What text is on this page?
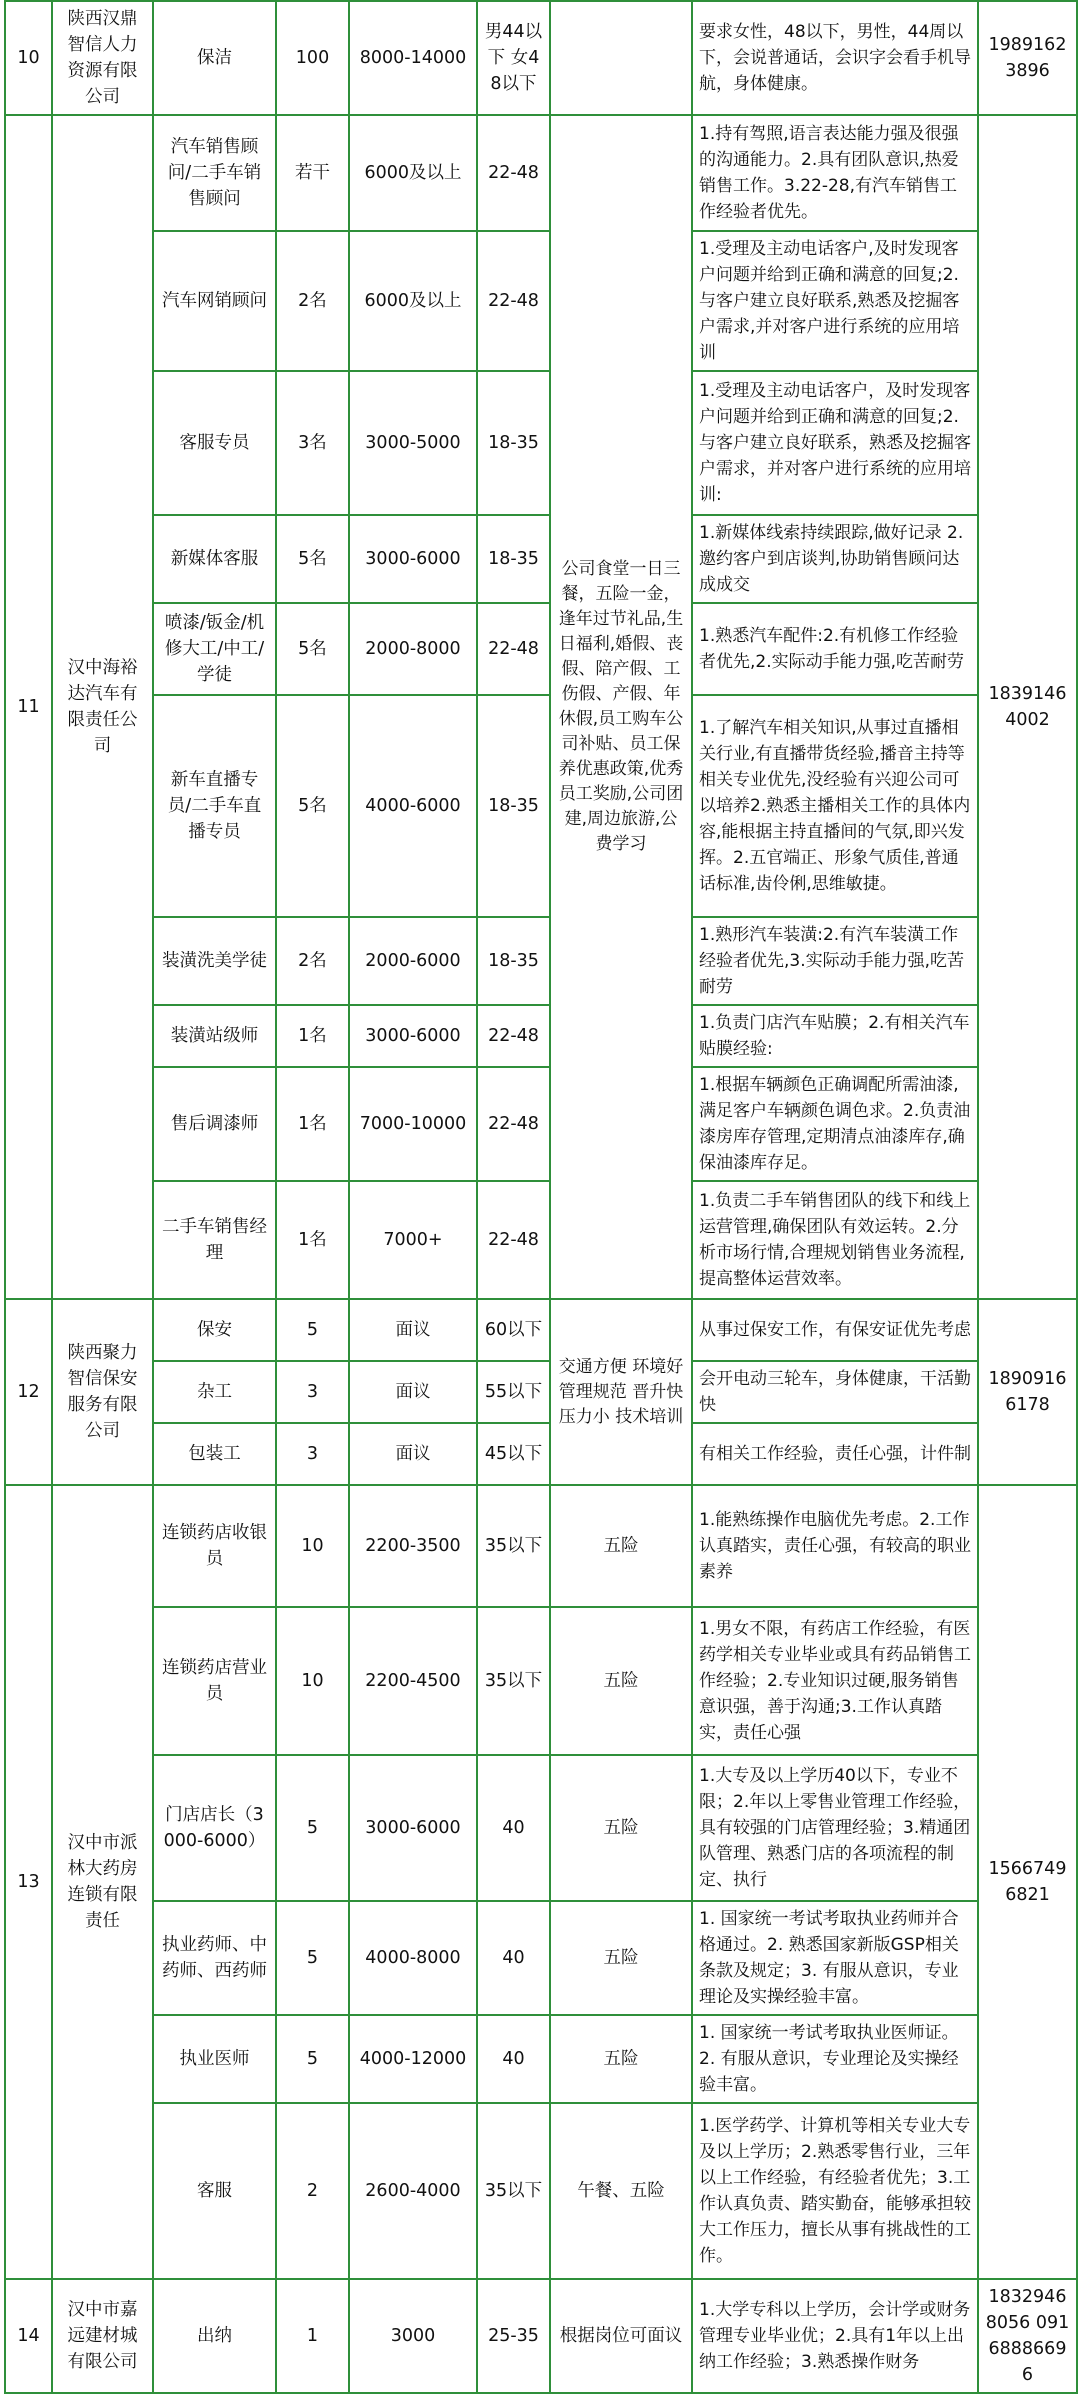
10	陕西汉鼎智信人力资源有限公司	保洁	100	8000-14000	男44以下 女48以下		要求女性，48以下，男性，44周以下，会说普通话，会识字会看手机导航，身体健康。	19891623896
11	汉中海裕达汽车有限责任公司	汽车销售顾问/二手车销售顾问	若干	6000及以上	22-48	公司食堂一日三餐，五险一金，逢年过节礼品,生日福利,婚假、丧假、陪产假、工伤假、产假、年休假,员工购车公司补贴、员工保养优惠政策,优秀员工奖励,公司团建,周边旅游,公费学习	1.持有驾照,语言表达能力强及很强的沟通能力。2.具有团队意识,热爱销售工作。3.22-28,有汽车销售工作经验者优先。	18391464002
		汽车网销顾问	2名	6000及以上	22-48		1.受理及主动电话客户,及时发现客户问题并给到正确和满意的回复;2.与客户建立良好联系,熟悉及挖掘客户需求,并对客户进行系统的应用培训	
		客服专员	3名	3000-5000	18-35		1.受理及主动电话客户，及时发现客户问题并给到正确和满意的回复;2.与客户建立良好联系，熟悉及挖掘客户需求，并对客户进行系统的应用培训:	
		新媒体客服	5名	3000-6000	18-35		1.新媒体线索持续跟踪,做好记录 2.邀约客户到店谈判,协助销售顾问达成成交	

		喷漆/钣金/机修大工/中工/学徒	5名	2000-8000	22-48		1.熟悉汽车配件:2.有机修工作经验者优先,2.实际动手能力强,吃苦耐劳	
		新车直播专员/二手车直播专员	5名	4000-6000	18-35		1.了解汽车相关知识,从事过直播相关行业,有直播带货经验,播音主持等相关专业优先,没经验有兴迎公司可以培养2.熟悉主播相关工作的具体内容,能根据主持直播间的气氛,即兴发挥。2.五官端正、形象气质佳,普通话标准,齿伶俐,思维敏捷。	
		装潢洗美学徒	2名	2000-6000	18-35		1.熟形汽车装潢:2.有汽车装潢工作经验者优先,3.实际动手能力强,吃苦耐劳	
		装潢站级师	1名	3000-6000	22-48		1.负责门店汽车贴膜；2.有相关汽车贴膜经验:	
		售后调漆师	1名	7000-10000	22-48		1.根据车辆颜色正确调配所需油漆,满足客户车辆颜色调色求。2.负责油漆房库存管理,定期清点油漆库存,确保油漆库存足。	
		二手车销售经理	1名	7000+	22-48		1.负责二手车销售团队的线下和线上运营管理,确保团队有效运转。2.分析市场行情,合理规划销售业务流程,提高整体运营效率。	
12	陕西聚力智信保安服务有限公司	保安	5	面议	60以下	交通方便 环境好管理规范 晋升快压力小 技术培训	从事过保安工作，有保安证优先考虑	18909166178
		杂工	3	面议	55以下		会开电动三轮车，身体健康，干活勤快	
		包装工	3	面议	45以下		有相关工作经验，责任心强，计件制	
13	汉中市派林大药房连锁有限责任	连锁药店收银员	10	2200-3500	35以下	五险	1.能熟练操作电脑优先考虑。2.工作认真踏实，责任心强，有较高的职业素养	15667496821
		连锁药店营业员	10	2200-4500	35以下	五险	1.男女不限，有药店工作经验，有医药学相关专业毕业或具有药品销售工作经验；2.专业知识过硬,服务销售意识强，善于沟通;3.工作认真踏实，责任心强	
		门店店长（3000-6000）	5	3000-6000	40	五险	1.大专及以上学历40以下，专业不限；2.年以上零售业管理工作经验，具有较强的门店管理经验；3.精通团队管理、熟悉门店的各项流程的制定、执行	
		执业药师、中药师、西药师	5	4000-8000	40	五险	1. 国家统一考试考取执业药师并合格通过。2. 熟悉国家新版GSP相关条款及规定；3. 有服从意识，专业理论及实操经验丰富。	
		执业医师	5	4000-12000	40	五险	1. 国家统一考试考取执业医师证。2. 有服从意识，专业理论及实操经验丰富。	
		客服	2	2600-4000	35以下	午餐、五险	1.医学药学、计算机等相关专业大专及以上学历；2.熟悉零售行业，三年以上工作经验，有经验者优先；3.工作认真负责、踏实勤奋，能够承担较大工作压力，擅长从事有挑战性的工作。	
14	汉中市嘉远建材城有限公司	出纳	1	3000	25-35	根据岗位可面议	1.大学专科以上学历，会计学或财务管理专业毕业优；2.具有1年以上出纳工作经验；3.熟悉操作财务	18329468056 09168886696
